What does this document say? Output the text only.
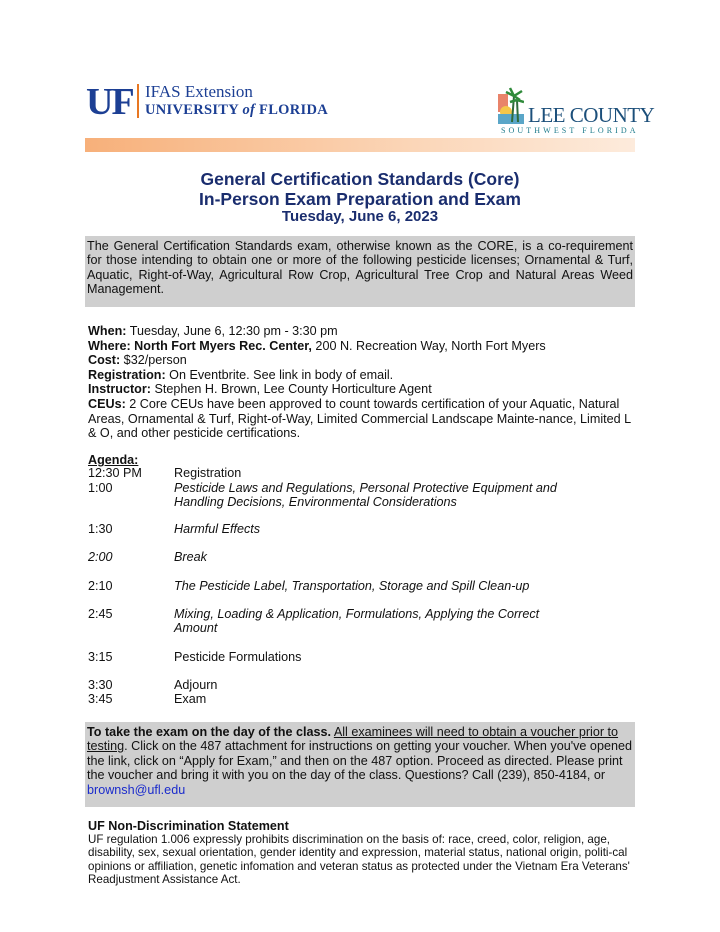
UF IFAS Extension
UNIVERSITY of FLORIDA	LEE COUNTY
SOUTHWEST FLORIDA
General Certification Standards (Core)
In-Person Exam Preparation and Exam
Tuesday, June 6, 2023
The General Certification Standards exam, otherwise known as the CORE, is a co-requirement for those intending to obtain one or more of the following pesticide licenses; Ornamental & Turf, Aquatic, Right-of-Way, Agricultural Row Crop, Agricultural Tree Crop and Natural Areas Weed Management.
When: Tuesday, June 6, 12:30 pm - 3:30 pm
Where: North Fort Myers Rec. Center, 200 N. Recreation Way, North Fort Myers
Cost: $32/person
Registration: On Eventbrite. See link in body of email.
Instructor: Stephen H. Brown, Lee County Horticulture Agent
CEUs: 2 Core CEUs have been approved to count towards certification of your Aquatic, Natural Areas, Ornamental & Turf, Right-of-Way, Limited Commercial Landscape Mainte-nance, Limited L & O, and other pesticide certifications.
Agenda:
12:30 PM	Registration
1:00	Pesticide Laws and Regulations, Personal Protective Equipment and Handling Decisions, Environmental Considerations
1:30	Harmful Effects
2:00	Break
2:10	The Pesticide Label, Transportation, Storage and Spill Clean-up
2:45	Mixing, Loading & Application, Formulations, Applying the Correct Amount
3:15	Pesticide Formulations
3:30	Adjourn
3:45	Exam
To take the exam on the day of the class. All examinees will need to obtain a voucher prior to testing. Click on the 487 attachment for instructions on getting your voucher. When you've opened the link, click on “Apply for Exam,” and then on the 487 option. Proceed as directed. Please print the voucher and bring it with you on the day of the class. Questions? Call (239), 850-4184, or brownsh@ufl.edu
UF Non-Discrimination Statement
UF regulation 1.006 expressly prohibits discrimination on the basis of: race, creed, color, religion, age, disability, sex, sexual orientation, gender identity and expression, material status, national origin, politi-cal opinions or affiliation, genetic infomation and veteran status as protected under the Vietnam Era Veterans' Readjustment Assistance Act.
